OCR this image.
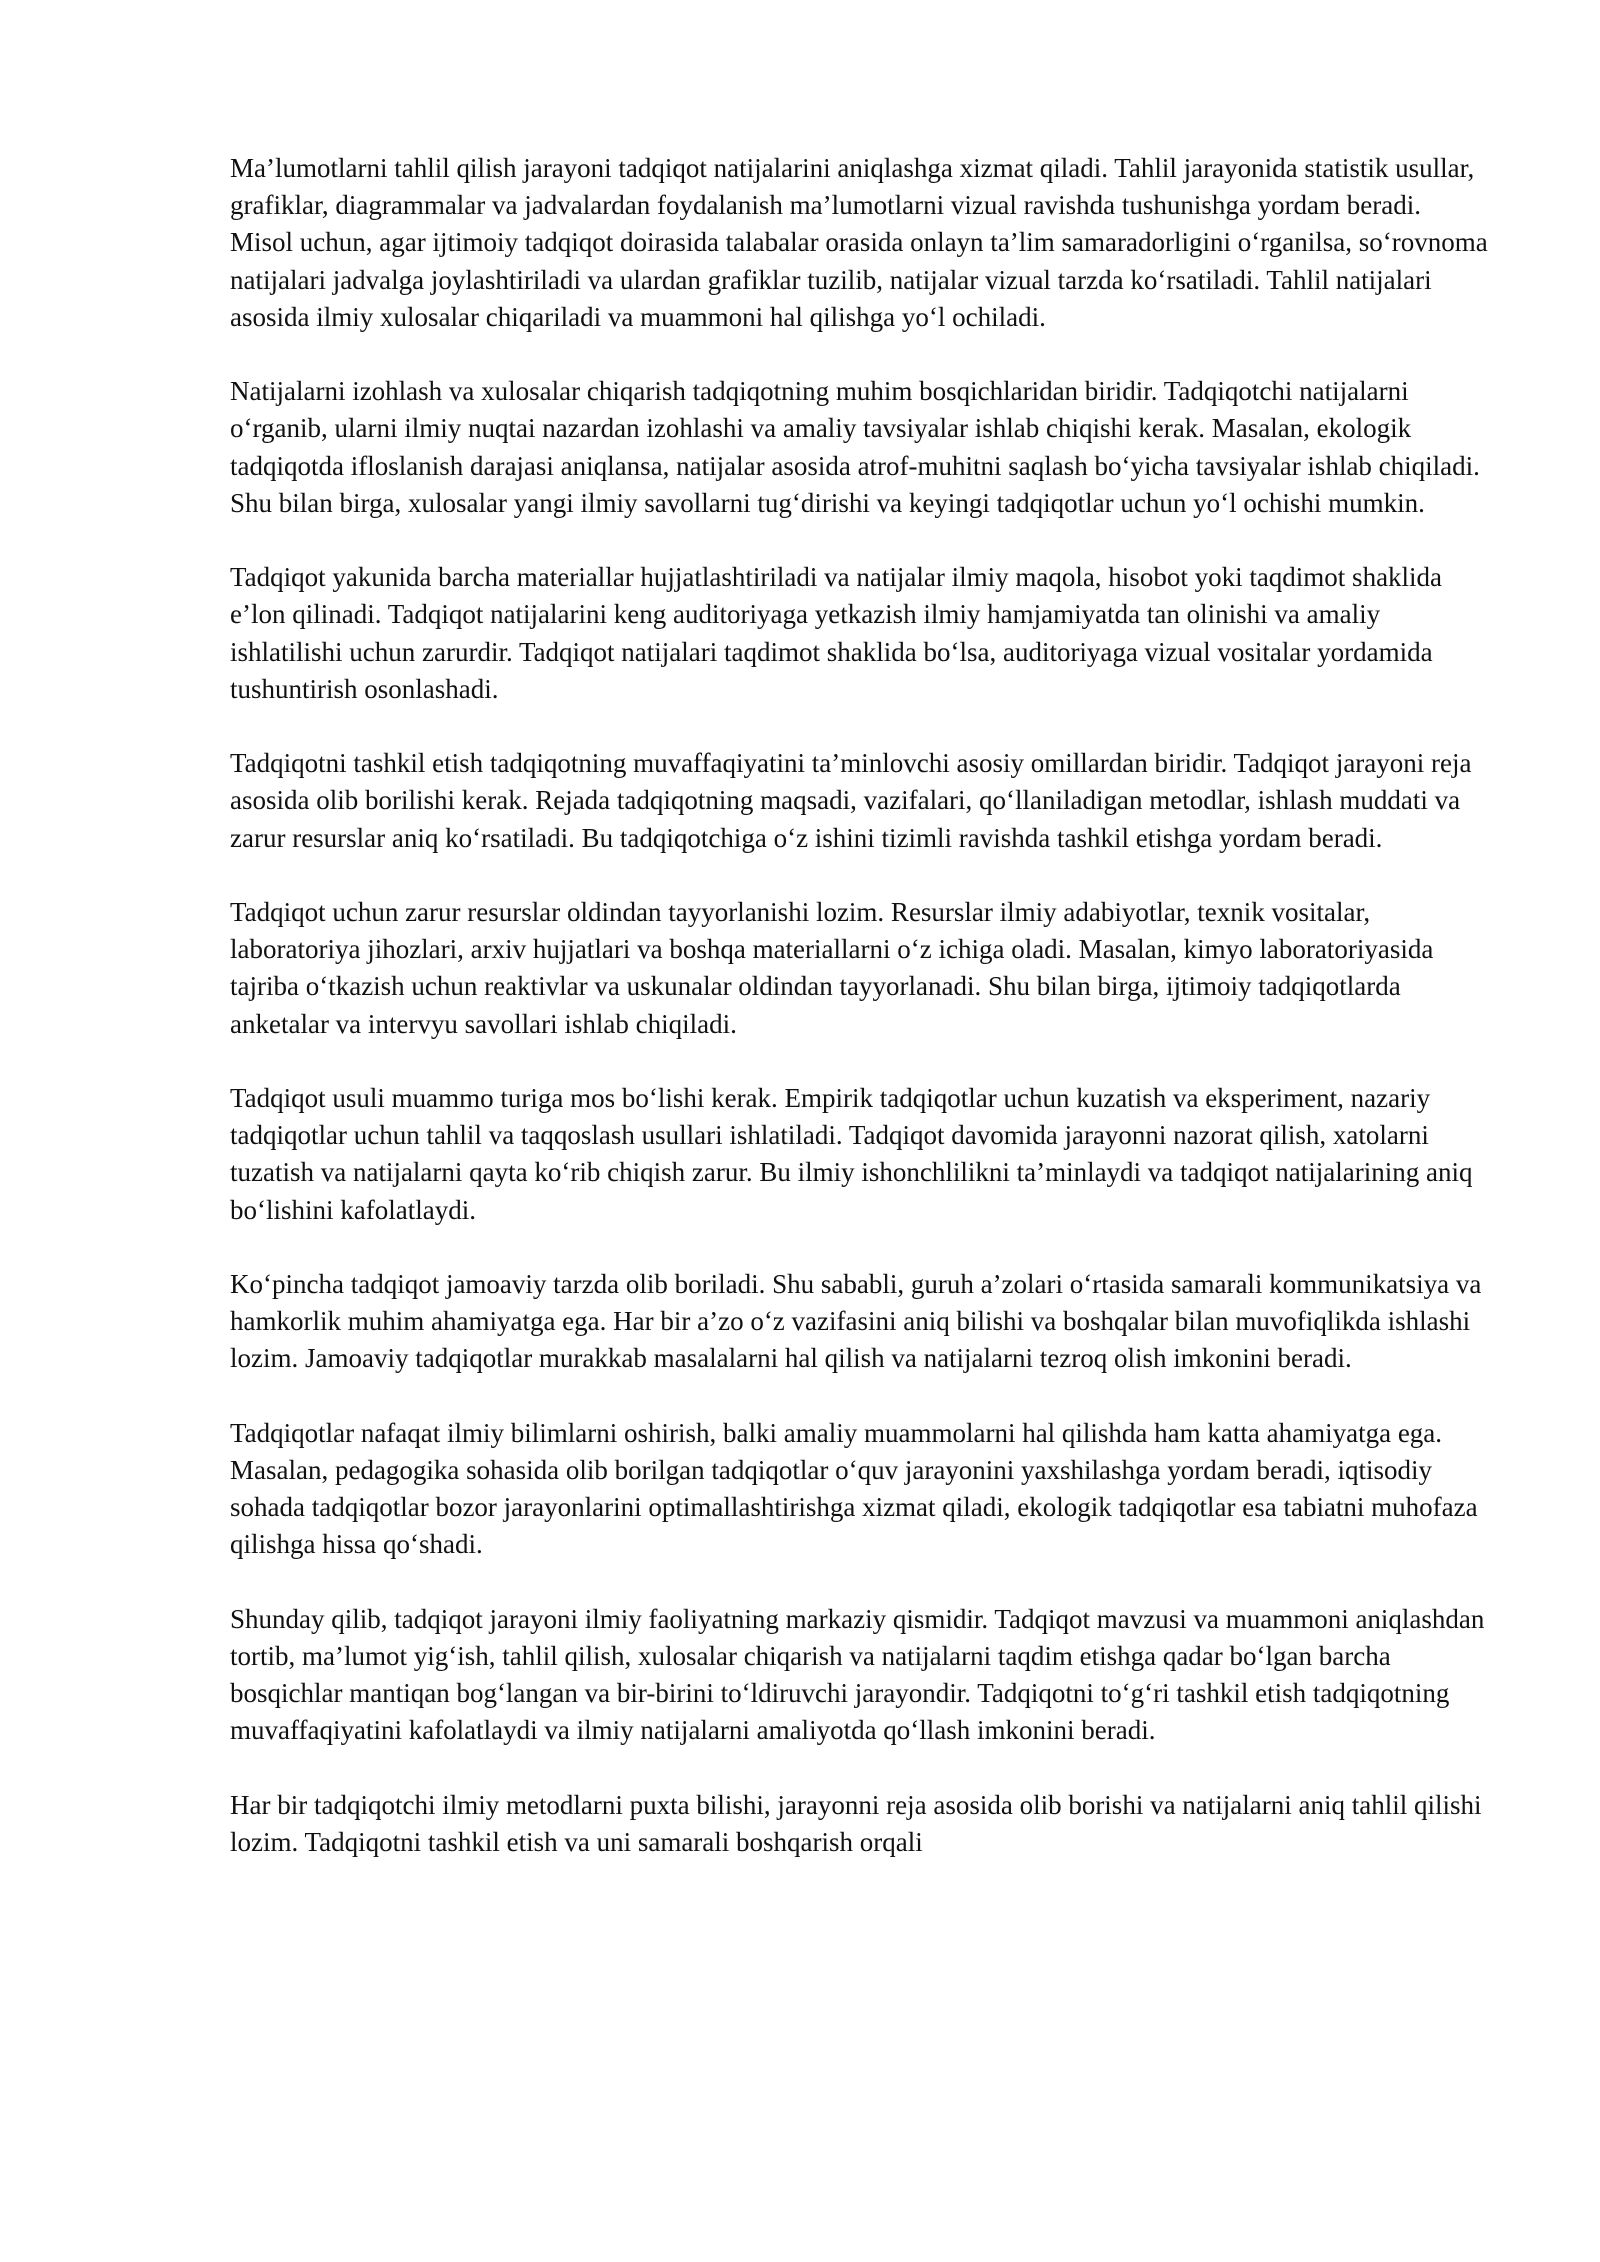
Ma’lumotlarni tahlil qilish jarayoni tadqiqot natijalarini aniqlashga xizmat qiladi. Tahlil jarayonida statistik usullar, grafiklar, diagrammalar va jadvalardan foydalanish ma’lumotlarni vizual ravishda tushunishga yordam beradi. Misol uchun, agar ijtimoiy tadqiqot doirasida talabalar orasida onlayn ta’lim samaradorligini o‘rganilsa, so‘rovnoma natijalari jadvalga joylashtiriladi va ulardan grafiklar tuzilib, natijalar vizual tarzda ko‘rsatiladi. Tahlil natijalari asosida ilmiy xulosalar chiqariladi va muammoni hal qilishga yo‘l ochiladi.

Natijalarni izohlash va xulosalar chiqarish tadqiqotning muhim bosqichlaridan biridir. Tadqiqotchi natijalarni o‘rganib, ularni ilmiy nuqtai nazardan izohlashi va amaliy tavsiyalar ishlab chiqishi kerak. Masalan, ekologik tadqiqotda ifloslanish darajasi aniqlansa, natijalar asosida atrof-muhitni saqlash bo‘yicha tavsiyalar ishlab chiqiladi. Shu bilan birga, xulosalar yangi ilmiy savollarni tug‘dirishi va keyingi tadqiqotlar uchun yo‘l ochishi mumkin.

Tadqiqot yakunida barcha materiallar hujjatlashtiriladi va natijalar ilmiy maqola, hisobot yoki taqdimot shaklida e’lon qilinadi. Tadqiqot natijalarini keng auditoriyaga yetkazish ilmiy hamjamiyatda tan olinishi va amaliy ishlatilishi uchun zarurdir. Tadqiqot natijalari taqdimot shaklida bo‘lsa, auditoriyaga vizual vositalar yordamida tushuntirish osonlashadi.

Tadqiqotni tashkil etish tadqiqotning muvaffaqiyatini ta’minlovchi asosiy omillardan biridir. Tadqiqot jarayoni reja asosida olib borilishi kerak. Rejada tadqiqotning maqsadi, vazifalari, qo‘llaniladigan metodlar, ishlash muddati va zarur resurslar aniq ko‘rsatiladi. Bu tadqiqotchiga o‘z ishini tizimli ravishda tashkil etishga yordam beradi.

Tadqiqot uchun zarur resurslar oldindan tayyorlanishi lozim. Resurslar ilmiy adabiyotlar, texnik vositalar, laboratoriya jihozlari, arxiv hujjatlari va boshqa materiallarni o‘z ichiga oladi. Masalan, kimyo laboratoriyasida tajriba o‘tkazish uchun reaktivlar va uskunalar oldindan tayyorlanadi. Shu bilan birga, ijtimoiy tadqiqotlarda anketalar va intervyu savollari ishlab chiqiladi.

Tadqiqot usuli muammo turiga mos bo‘lishi kerak. Empirik tadqiqotlar uchun kuzatish va eksperiment, nazariy tadqiqotlar uchun tahlil va taqqoslash usullari ishlatiladi. Tadqiqot davomida jarayonni nazorat qilish, xatolarni tuzatish va natijalarni qayta ko‘rib chiqish zarur. Bu ilmiy ishonchlilikni ta’minlaydi va tadqiqot natijalarining aniq bo‘lishini kafolatlaydi.

Ko‘pincha tadqiqot jamoaviy tarzda olib boriladi. Shu sababli, guruh a’zolari o‘rtasida samarali kommunikatsiya va hamkorlik muhim ahamiyatga ega. Har bir a’zo o‘z vazifasini aniq bilishi va boshqalar bilan muvofiqlikda ishlashi lozim. Jamoaviy tadqiqotlar murakkab masalalarni hal qilish va natijalarni tezroq olish imkonini beradi.

Tadqiqotlar nafaqat ilmiy bilimlarni oshirish, balki amaliy muammolarni hal qilishda ham katta ahamiyatga ega. Masalan, pedagogika sohasida olib borilgan tadqiqotlar o‘quv jarayonini yaxshilashga yordam beradi, iqtisodiy sohada tadqiqotlar bozor jarayonlarini optimallashtirishga xizmat qiladi, ekologik tadqiqotlar esa tabiatni muhofaza qilishga hissa qo‘shadi.

Shunday qilib, tadqiqot jarayoni ilmiy faoliyatning markaziy qismidir. Tadqiqot mavzusi va muammoni aniqlashdan tortib, ma’lumot yig‘ish, tahlil qilish, xulosalar chiqarish va natijalarni taqdim etishga qadar bo‘lgan barcha bosqichlar mantiqan bog‘langan va bir-birini to‘ldiruvchi jarayondir. Tadqiqotni to‘g‘ri tashkil etish tadqiqotning muvaffaqiyatini kafolatlaydi va ilmiy natijalarni amaliyotda qo‘llash imkonini beradi.

Har bir tadqiqotchi ilmiy metodlarni puxta bilishi, jarayonni reja asosida olib borishi va natijalarni aniq tahlil qilishi lozim. Tadqiqotni tashkil etish va uni samarali boshqarish orqali
